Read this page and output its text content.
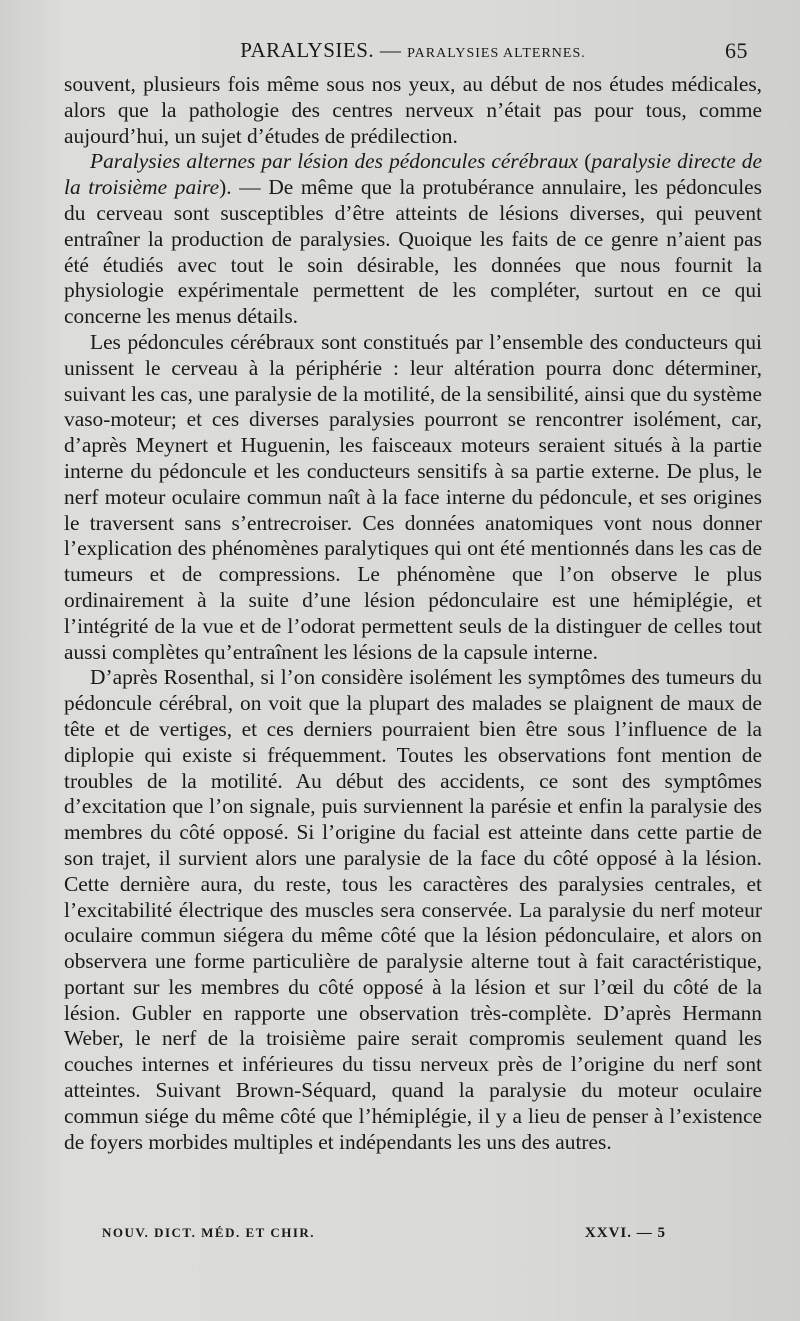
PARALYSIES. — PARALYSIES ALTERNES.	65

souvent, plusieurs fois même sous nos yeux, au début de nos études médicales, alors que la pathologie des centres nerveux n’était pas pour tous, comme aujourd’hui, un sujet d’études de prédilection.

Paralysies alternes par lésion des pédoncules cérébraux (paralysie directe de la troisième paire). — De même que la protubérance annulaire, les pédoncules du cerveau sont susceptibles d’être atteints de lésions diverses, qui peuvent entraîner la production de paralysies. Quoique les faits de ce genre n’aient pas été étudiés avec tout le soin désirable, les données que nous fournit la physiologie expérimentale permettent de les compléter, surtout en ce qui concerne les menus détails.

Les pédoncules cérébraux sont constitués par l’ensemble des conducteurs qui unissent le cerveau à la périphérie : leur altération pourra donc déterminer, suivant les cas, une paralysie de la motilité, de la sensibilité, ainsi que du système vaso-moteur; et ces diverses paralysies pourront se rencontrer isolément, car, d’après Meynert et Huguenin, les faisceaux moteurs seraient situés à la partie interne du pédoncule et les conducteurs sensitifs à sa partie externe. De plus, le nerf moteur oculaire commun naît à la face interne du pédoncule, et ses origines le traversent sans s’entrecroiser. Ces données anatomiques vont nous donner l’explication des phénomènes paralytiques qui ont été mentionnés dans les cas de tumeurs et de compressions. Le phénomène que l’on observe le plus ordinairement à la suite d’une lésion pédonculaire est une hémiplégie, et l’intégrité de la vue et de l’odorat permettent seuls de la distinguer de celles tout aussi complètes qu’entraînent les lésions de la capsule interne.

D’après Rosenthal, si l’on considère isolément les symptômes des tumeurs du pédoncule cérébral, on voit que la plupart des malades se plaignent de maux de tête et de vertiges, et ces derniers pourraient bien être sous l’influence de la diplopie qui existe si fréquemment. Toutes les observations font mention de troubles de la motilité. Au début des accidents, ce sont des symptômes d’excitation que l’on signale, puis surviennent la parésie et enfin la paralysie des membres du côté opposé. Si l’origine du facial est atteinte dans cette partie de son trajet, il survient alors une paralysie de la face du côté opposé à la lésion. Cette dernière aura, du reste, tous les caractères des paralysies centrales, et l’excitabilité électrique des muscles sera conservée. La paralysie du nerf moteur oculaire commun siégera du même côté que la lésion pédonculaire, et alors on observera une forme particulière de paralysie alterne tout à fait caractéristique, portant sur les membres du côté opposé à la lésion et sur l’œil du côté de la lésion. Gubler en rapporte une observation très-complète. D’après Hermann Weber, le nerf de la troisième paire serait compromis seulement quand les couches internes et inférieures du tissu nerveux près de l’origine du nerf sont atteintes. Suivant Brown-Séquard, quand la paralysie du moteur oculaire commun siége du même côté que l’hémiplégie, il y a lieu de penser à l’existence de foyers morbides multiples et indépendants les uns des autres.

NOUV. DICT. MÉD. ET CHIR.	XXVI. — 5
